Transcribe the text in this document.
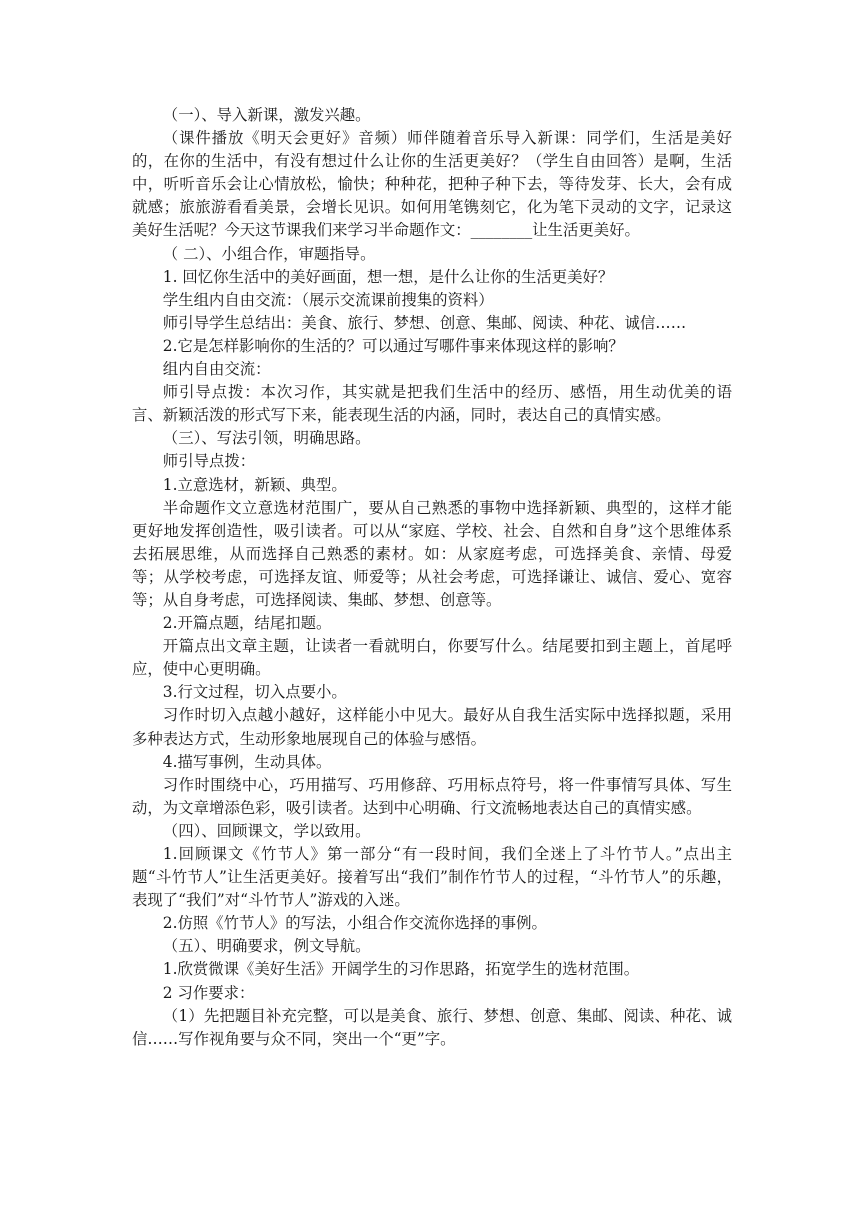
（一）、导入新课，激发兴趣。

（课件播放《明天会更好》音频）师伴随着音乐导入新课：同学们，生活是美好的，在你的生活中，有没有想过什么让你的生活更美好？（学生自由回答）是啊，生活中，听听音乐会让心情放松，愉快；种种花，把种子种下去，等待发芽、长大，会有成就感；旅旅游看看美景，会增长见识。如何用笔镌刻它，化为笔下灵动的文字，记录这美好生活呢？今天这节课我们来学习半命题作文：________让生活更美好。

（ 二）、小组合作，审题指导。

1. 回忆你生活中的美好画面，想一想，是什么让你的生活更美好？

学生组内自由交流：（展示交流课前搜集的资料）

师引导学生总结出：美食、旅行、梦想、创意、集邮、阅读、种花、诚信……

2.它是怎样影响你的生活的？可以通过写哪件事来体现这样的影响？

组内自由交流：

师引导点拨：本次习作，其实就是把我们生活中的经历、感悟，用生动优美的语言、新颖活泼的形式写下来，能表现生活的内涵，同时，表达自己的真情实感。

（三）、写法引领，明确思路。

师引导点拨：

1.立意选材，新颖、典型。

半命题作文立意选材范围广，要从自己熟悉的事物中选择新颖、典型的，这样才能更好地发挥创造性，吸引读者。可以从“家庭、学校、社会、自然和自身”这个思维体系去拓展思维，从而选择自己熟悉的素材。如：从家庭考虑，可选择美食、亲情、母爱等；从学校考虑，可选择友谊、师爱等；从社会考虑，可选择谦让、诚信、爱心、宽容等；从自身考虑，可选择阅读、集邮、梦想、创意等。

2.开篇点题，结尾扣题。

开篇点出文章主题，让读者一看就明白，你要写什么。结尾要扣到主题上，首尾呼应，使中心更明确。

3.行文过程，切入点要小。

习作时切入点越小越好，这样能小中见大。最好从自我生活实际中选择拟题，采用多种表达方式，生动形象地展现自己的体验与感悟。

4.描写事例，生动具体。

习作时围绕中心，巧用描写、巧用修辞、巧用标点符号，将一件事情写具体、写生动，为文章增添色彩，吸引读者。达到中心明确、行文流畅地表达自己的真情实感。

（四）、回顾课文，学以致用。

1.回顾课文《竹节人》第一部分“有一段时间，我们全迷上了斗竹节人。”点出主题“斗竹节人”让生活更美好。接着写出“我们”制作竹节人的过程，“斗竹节人”的乐趣，表现了“我们”对“斗竹节人”游戏的入迷。

2.仿照《竹节人》的写法，小组合作交流你选择的事例。

（五）、明确要求，例文导航。

1.欣赏微课《美好生活》开阔学生的习作思路，拓宽学生的选材范围。

2 习作要求：

（1）先把题目补充完整，可以是美食、旅行、梦想、创意、集邮、阅读、种花、诚信……写作视角要与众不同，突出一个“更”字。
